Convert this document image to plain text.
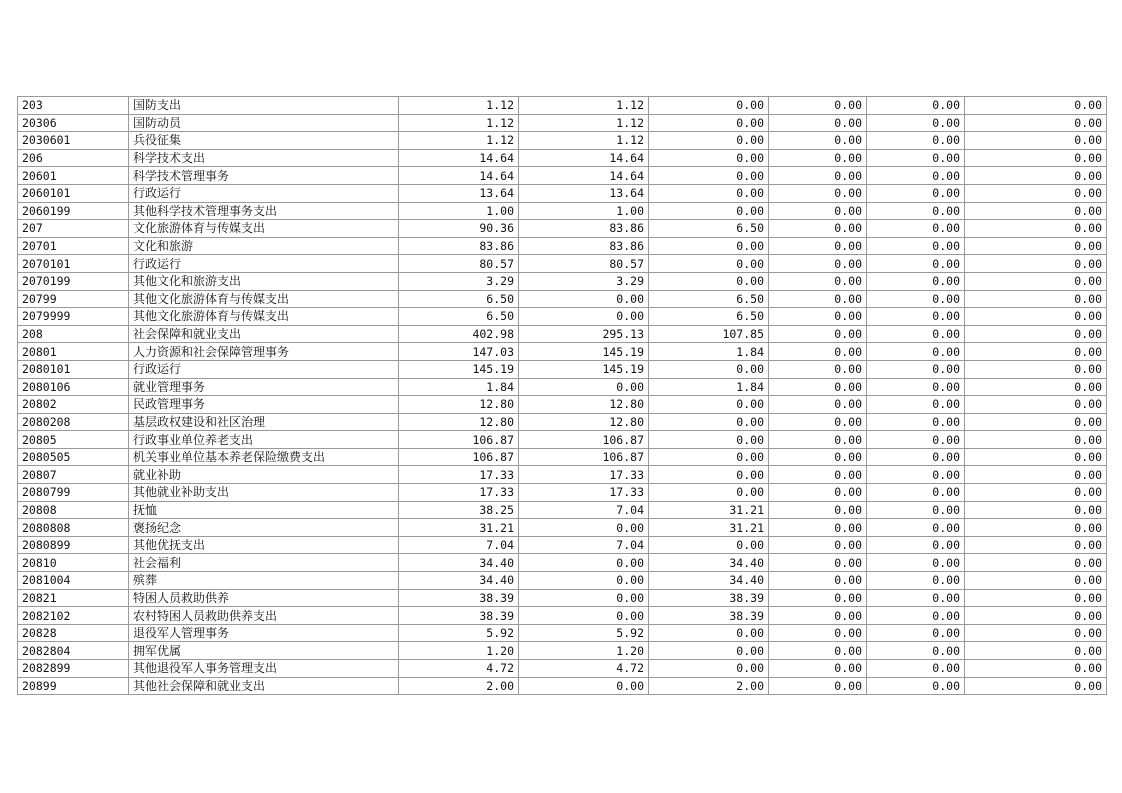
203	国防支出	1.12	1.12	0.00	0.00	0.00	0.00
20306	国防动员	1.12	1.12	0.00	0.00	0.00	0.00
2030601	兵役征集	1.12	1.12	0.00	0.00	0.00	0.00
206	科学技术支出	14.64	14.64	0.00	0.00	0.00	0.00
20601	科学技术管理事务	14.64	14.64	0.00	0.00	0.00	0.00
2060101	行政运行	13.64	13.64	0.00	0.00	0.00	0.00
2060199	其他科学技术管理事务支出	1.00	1.00	0.00	0.00	0.00	0.00
207	文化旅游体育与传媒支出	90.36	83.86	6.50	0.00	0.00	0.00
20701	文化和旅游	83.86	83.86	0.00	0.00	0.00	0.00
2070101	行政运行	80.57	80.57	0.00	0.00	0.00	0.00
2070199	其他文化和旅游支出	3.29	3.29	0.00	0.00	0.00	0.00
20799	其他文化旅游体育与传媒支出	6.50	0.00	6.50	0.00	0.00	0.00
2079999	其他文化旅游体育与传媒支出	6.50	0.00	6.50	0.00	0.00	0.00
208	社会保障和就业支出	402.98	295.13	107.85	0.00	0.00	0.00
20801	人力资源和社会保障管理事务	147.03	145.19	1.84	0.00	0.00	0.00
2080101	行政运行	145.19	145.19	0.00	0.00	0.00	0.00
2080106	就业管理事务	1.84	0.00	1.84	0.00	0.00	0.00
20802	民政管理事务	12.80	12.80	0.00	0.00	0.00	0.00
2080208	基层政权建设和社区治理	12.80	12.80	0.00	0.00	0.00	0.00
20805	行政事业单位养老支出	106.87	106.87	0.00	0.00	0.00	0.00
2080505	机关事业单位基本养老保险缴费支出	106.87	106.87	0.00	0.00	0.00	0.00
20807	就业补助	17.33	17.33	0.00	0.00	0.00	0.00
2080799	其他就业补助支出	17.33	17.33	0.00	0.00	0.00	0.00
20808	抚恤	38.25	7.04	31.21	0.00	0.00	0.00
2080808	褒扬纪念	31.21	0.00	31.21	0.00	0.00	0.00
2080899	其他优抚支出	7.04	7.04	0.00	0.00	0.00	0.00
20810	社会福利	34.40	0.00	34.40	0.00	0.00	0.00
2081004	殡葬	34.40	0.00	34.40	0.00	0.00	0.00
20821	特困人员救助供养	38.39	0.00	38.39	0.00	0.00	0.00
2082102	农村特困人员救助供养支出	38.39	0.00	38.39	0.00	0.00	0.00
20828	退役军人管理事务	5.92	5.92	0.00	0.00	0.00	0.00
2082804	拥军优属	1.20	1.20	0.00	0.00	0.00	0.00
2082899	其他退役军人事务管理支出	4.72	4.72	0.00	0.00	0.00	0.00
20899	其他社会保障和就业支出	2.00	0.00	2.00	0.00	0.00	0.00
